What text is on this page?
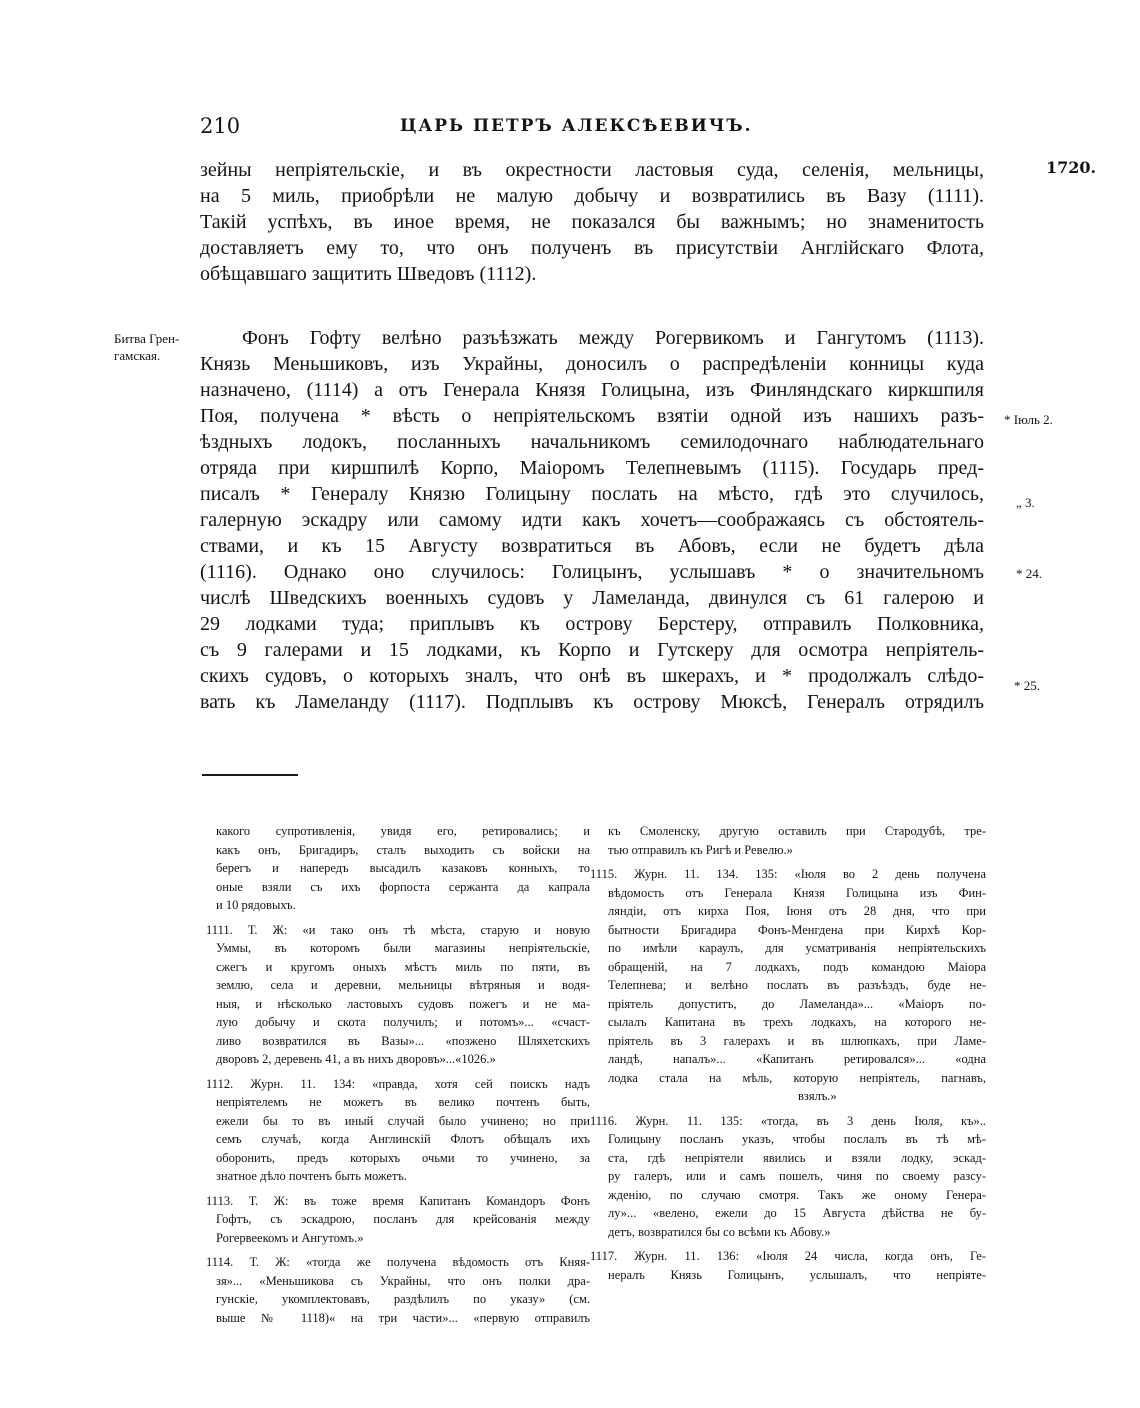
210	ЦАРЬ ПЕТРЪ АЛЕКСѢЕВИЧЪ.
1720.
зейны непріятельскіе, и въ окрестности ластовыя суда, селенія, мельницы,
на 5 миль, приобрѣли не малую добычу и возвратились въ Вазу (1111).
Такій успѣхъ, въ иное время, не показался бы важнымъ; но знаменитость
доставляетъ ему то, что онъ полученъ въ присутствіи Англійскаго Флота,
обѣщавшаго защитить Шведовъ (1112).
Битва Грен-
гамская.
Фонъ Гофту велѣно разъѣзжать между Рогервикомъ и Гангутомъ (1113).
Князь Меньшиковъ, изъ Украйны, доносилъ о распредѣленіи конницы куда
назначено, (1114) а отъ Генерала Князя Голицына, изъ Финляндскаго киркшпиля
Поя, получена * вѣсть о непріятельскомъ взятіи одной изъ нашихъ разъ-
ѣздныхъ лодокъ, посланныхъ начальникомъ семилодочнаго наблюдательнаго
отряда при киршпилѣ Корпо, Маіоромъ Телепневымъ (1115). Государь пред-
писалъ * Генералу Князю Голицыну послать на мѣсто, гдѣ это случилось,
галерную эскадру или самому идти какъ хочетъ—соображаясь съ обстоятель-
ствами, и къ 15 Августу возвратиться въ Абовъ, если не будетъ дѣла
(1116). Однако оно случилось: Голицынъ, услышавъ * о значительномъ
числѣ Шведскихъ военныхъ судовъ у Ламеланда, двинулся съ 61 галерою и
29 лодками туда; приплывъ къ острову Берстеру, отправилъ Полковника,
съ 9 галерами и 15 лодками, къ Корпо и Гутскеру для осмотра непріятель-
скихъ судовъ, о которыхъ зналъ, что онѣ въ шкерахъ, и * продолжалъ слѣдо-
вать къ Ламеланду (1117). Подплывъ къ острову Мюксѣ, Генералъ отрядилъ
* Iюль 2.
„ 3.
* 24.
* 25.
какого супротивленія, увидя его, ретировались; и
какъ онъ, Бригадиръ, сталъ выходить съ войски на
берегъ и напередъ высадилъ казаковъ конныхъ, то
оные взяли съ ихъ форпоста сержанта да капрала
и 10 рядовыхъ.
1111. Т. Ж: «и тако онъ тѣ мѣста, старую и новую
Уммы, въ которомъ были магазины непріятельскіе,
сжегъ и кругомъ оныхъ мѣстъ миль по пяти, въ
землю, села и деревни, мельницы вѣтряныя и водя-
ныя, и нѣсколько ластовыхъ судовъ пожегъ и не ма-
лую добычу и скота получилъ; и потомъ»... «счаст-
ливо возвратился въ Вазы»... «позжено Шляхетскихъ
дворовъ 2, деревень 41, а въ нихъ дворовъ»...«1026.»
1112. Журн. 11. 134: «правда, хотя сей поискъ надъ
непріятелемъ не можетъ въ велико почтенъ быть,
ежели бы то въ иный случай было учинено; но при
семъ случаѣ, когда Англинскій Флотъ обѣщалъ ихъ
оборонить, предъ которыхъ очьми то учинено, за
знатное дѣло почтенъ быть можетъ.
1113. Т. Ж: въ тоже время Капитанъ Командоръ Фонъ
Гофтъ, съ эскадрою, посланъ для крейсованія между
Рогервеекомъ и Ангутомъ.»
1114. Т. Ж: «тогда же получена вѣдомость отъ Княя-
зя»... «Меньшикова съ Украйны, что онъ полки дра-
гунскіе, укомплектовавъ, раздѣлилъ по указу» (см.
выше № 1118)« на три части»... «первую отправилъ
къ Смоленску, другую оставилъ при Стародубѣ, тре-
тью отправилъ къ Ригѣ и Ревелю.»
1115. Журн. 11. 134. 135: «Іюля во 2 день получена
вѣдомость отъ Генерала Князя Голицына изъ Фин-
ляндіи, отъ кирха Поя, Іюня отъ 28 дня, что при
бытности Бригадира Фонъ-Менгдена при Кирхѣ Кор-
по имѣли караулъ, для усматриванія непріятельскихъ
обращеній, на 7 лодкахъ, подъ командою Маіора
Телепнева; и велѣно послать въ разъѣздъ, буде не-
пріятель допуститъ, до Ламеланда»... «Маіоръ по-
сылалъ Капитана въ трехъ лодкахъ, на которого не-
пріятель въ 3 галерахъ и въ шлюпкахъ, при Ламе-
ландѣ, напалъ»... «Капитанъ ретировался»... «одна
лодка стала на мѣль, которую непріятель, пагнавъ,
взялъ.»
1116. Журн. 11. 135: «тогда, въ 3 день Іюля, къ»..
Голицыну посланъ указъ, чтобы послалъ въ тѣ мѣ-
ста, гдѣ непріятели явились и взяли лодку, эскад-
ру галеръ, или и самъ пошелъ, чиня по своему разсу-
жденію, по случаю смотря. Такъ же оному Генера-
лу»... «велено, ежели до 15 Августа дѣйства не бу-
детъ, возвратился бы со всѣми къ Абову.»
1117. Журн. 11. 136: «Іюля 24 числа, когда онъ, Ге-
нералъ Князь Голицынъ, услышалъ, что непріяте-
